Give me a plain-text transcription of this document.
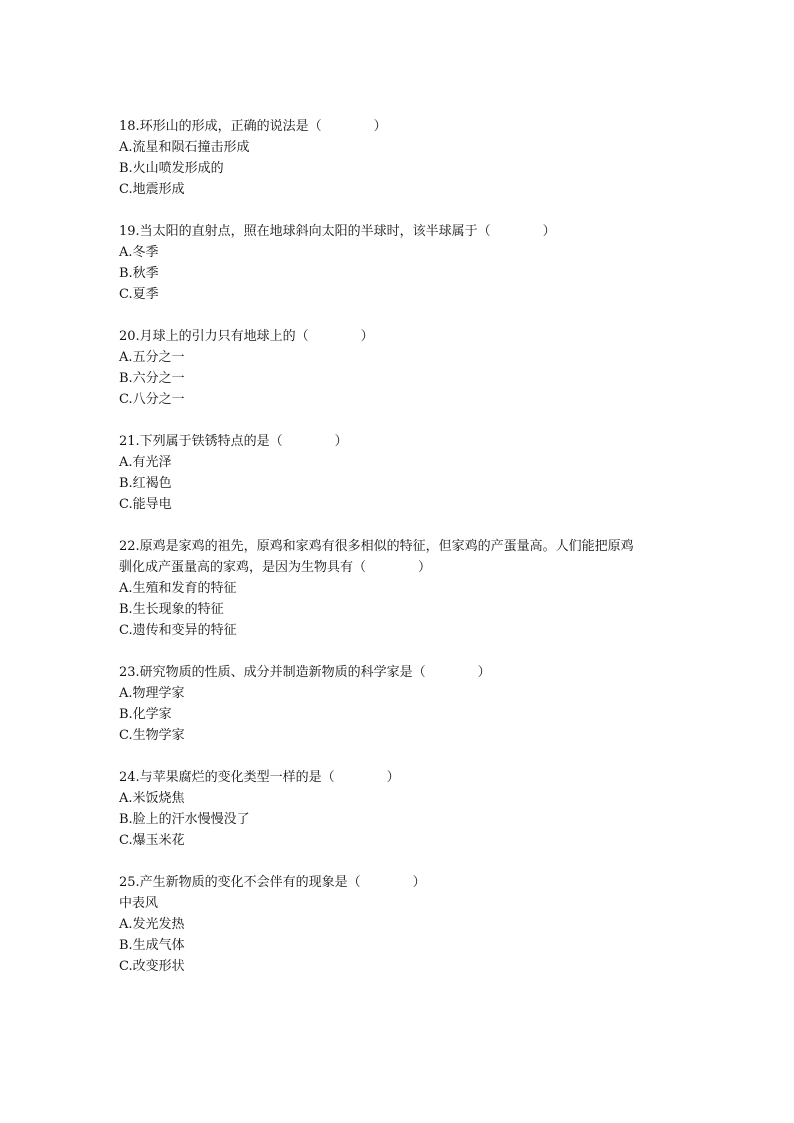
18.环形山的形成，正确的说法是（　　　　）
A.流星和陨石撞击形成
B.火山喷发形成的
C.地震形成
19.当太阳的直射点，照在地球斜向太阳的半球时，该半球属于（　　　　）
A.冬季
B.秋季
C.夏季
20.月球上的引力只有地球上的（　　　　）
A.五分之一
B.六分之一
C.八分之一
21.下列属于铁锈特点的是（　　　　）
A.有光泽
B.红褐色
C.能导电
22.原鸡是家鸡的祖先，原鸡和家鸡有很多相似的特征，但家鸡的产蛋量高。人们能把原鸡
驯化成产蛋量高的家鸡，是因为生物具有（　　　　）
A.生殖和发育的特征
B.生长现象的特征
C.遗传和变异的特征
23.研究物质的性质、成分并制造新物质的科学家是（　　　　）
A.物理学家
B.化学家
C.生物学家
24.与苹果腐烂的变化类型一样的是（　　　　）
A.米饭烧焦
B.脸上的汗水慢慢没了
C.爆玉米花
25.产生新物质的变化不会伴有的现象是（　　　　）
中表风
A.发光发热
B.生成气体
C.改变形状
